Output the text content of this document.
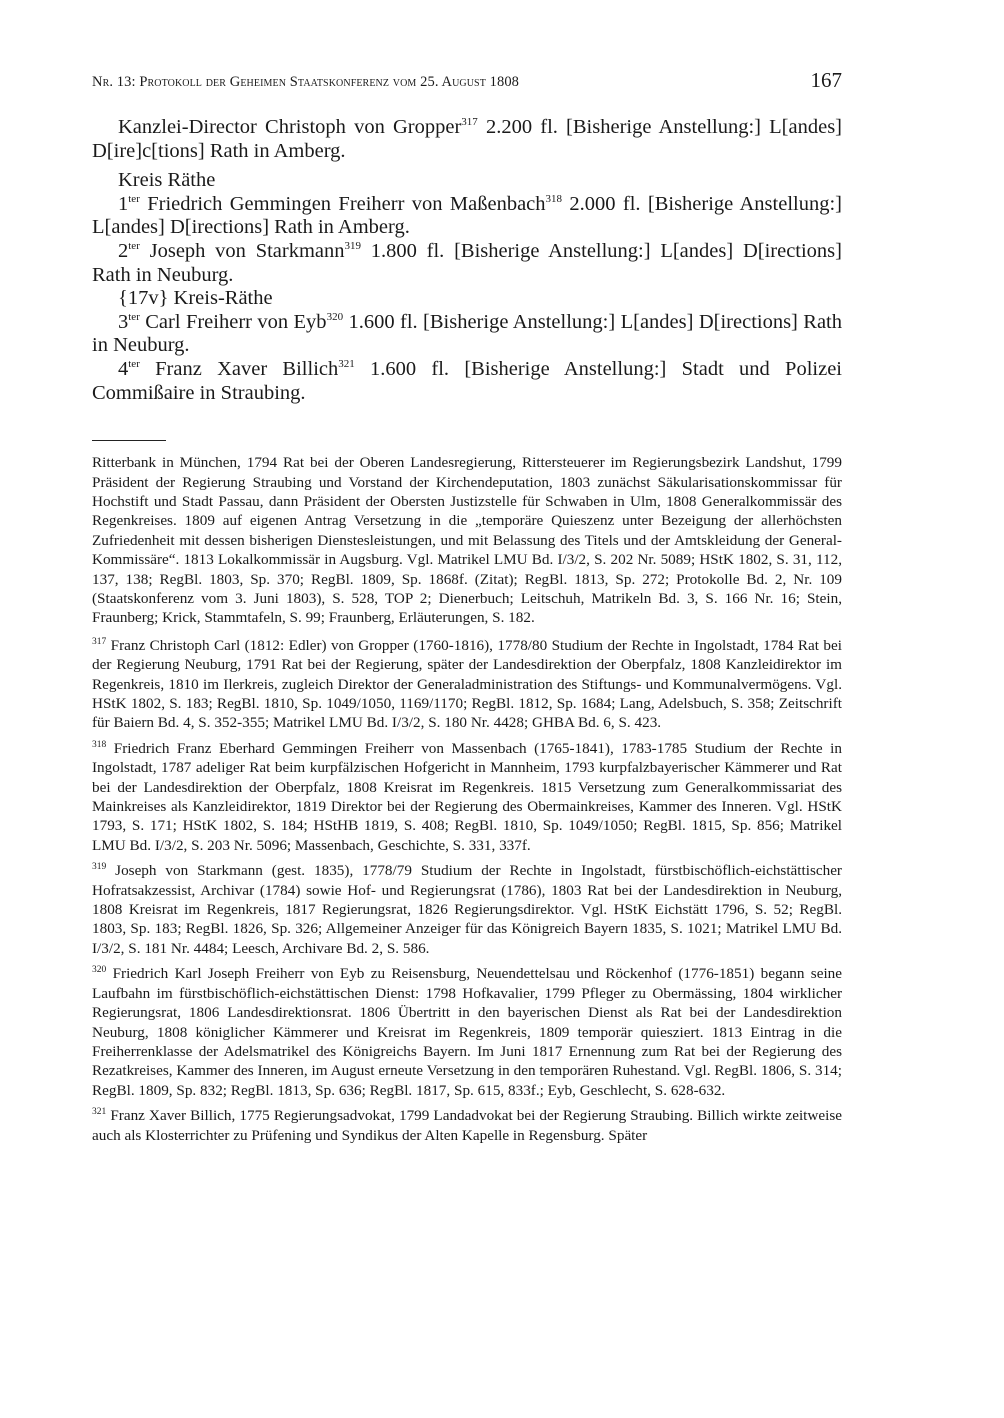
Nr. 13: Protokoll der Geheimen Staatskonferenz vom 25. August 1808	167

Kanzlei-Director Christoph von Gropper$^{317}$ 2.200 fl. [Bisherige Anstellung:] L[andes] D[ire]c[tions] Rath in Amberg.

Kreis Räthe

$1^{ter}$ Friedrich Gemmingen Freiherr von Maßenbach$^{318}$ 2.000 fl. [Bisherige Anstellung:] L[andes] D[irections] Rath in Amberg.

$2^{ter}$ Joseph von Starkmann$^{319}$ 1.800 fl. [Bisherige Anstellung:] L[andes] D[irections] Rath in Neuburg.

{17v} Kreis-Räthe

$3^{ter}$ Carl Freiherr von Eyb$^{320}$ 1.600 fl. [Bisherige Anstellung:] L[andes] D[irections] Rath in Neuburg.

$4^{ter}$ Franz Xaver Billich$^{321}$ 1.600 fl. [Bisherige Anstellung:] Stadt und Polizei Commißaire in Straubing.

Ritterbank in München, 1794 Rat bei der Oberen Landesregierung, Rittersteuerer im Regierungsbezirk Landshut, 1799 Präsident der Regierung Straubing und Vorstand der Kirchendeputation, 1803 zunächst Säkularisationskommissar für Hochstift und Stadt Passau, dann Präsident der Obersten Justizstelle für Schwaben in Ulm, 1808 Generalkommissär des Regenkreises. 1809 auf eigenen Antrag Versetzung in die „temporäre Quieszenz unter Bezeigung der allerhöchsten Zufriedenheit mit dessen bisherigen Dienstesleistungen, und mit Belassung des Titels und der Amtskleidung der General-Kommissäre“. 1813 Lokalkommissär in Augsburg. Vgl. Matrikel LMU Bd. I/3/2, S. 202 Nr. 5089; HStK 1802, S. 31, 112, 137, 138; RegBl. 1803, Sp. 370; RegBl. 1809, Sp. 1868f. (Zitat); RegBl. 1813, Sp. 272; Protokolle Bd. 2, Nr. 109 (Staatskonferenz vom 3. Juni 1803), S. 528, TOP 2; Dienerbuch; Leitschuh, Matrikeln Bd. 3, S. 166 Nr. 16; Stein, Fraunberg; Krick, Stammtafeln, S. 99; Fraunberg, Erläuterungen, S. 182.

$^{317}$ Franz Christoph Carl (1812: Edler) von Gropper (1760-1816), 1778/80 Studium der Rechte in Ingolstadt, 1784 Rat bei der Regierung Neuburg, 1791 Rat bei der Regierung, später der Landesdirektion der Oberpfalz, 1808 Kanzleidirektor im Regenkreis, 1810 im Ilerkreis, zugleich Direktor der Generaladministration des Stiftungs- und Kommunalvermögens. Vgl. HStK 1802, S. 183; RegBl. 1810, Sp. 1049/1050, 1169/1170; RegBl. 1812, Sp. 1684; Lang, Adelsbuch, S. 358; Zeitschrift für Baiern Bd. 4, S. 352-355; Matrikel LMU Bd. I/3/2, S. 180 Nr. 4428; GHBA Bd. 6, S. 423.

$^{318}$ Friedrich Franz Eberhard Gemmingen Freiherr von Massenbach (1765-1841), 1783-1785 Studium der Rechte in Ingolstadt, 1787 adeliger Rat beim kurpfälzischen Hofgericht in Mannheim, 1793 kurpfalzbayerischer Kämmerer und Rat bei der Landesdirektion der Oberpfalz, 1808 Kreisrat im Regenkreis. 1815 Versetzung zum Generalkommissariat des Mainkreises als Kanzleidirektor, 1819 Direktor bei der Regierung des Obermainkreises, Kammer des Inneren. Vgl. HStK 1793, S. 171; HStK 1802, S. 184; HStHB 1819, S. 408; RegBl. 1810, Sp. 1049/1050; RegBl. 1815, Sp. 856; Matrikel LMU Bd. I/3/2, S. 203 Nr. 5096; Massenbach, Geschichte, S. 331, 337f.

$^{319}$ Joseph von Starkmann (gest. 1835), 1778/79 Studium der Rechte in Ingolstadt, fürstbischöflich-eichstättischer Hofratsakzessist, Archivar (1784) sowie Hof- und Regierungsrat (1786), 1803 Rat bei der Landesdirektion in Neuburg, 1808 Kreisrat im Regenkreis, 1817 Regierungsrat, 1826 Regierungsdirektor. Vgl. HStK Eichstätt 1796, S. 52; RegBl. 1803, Sp. 183; RegBl. 1826, Sp. 326; Allgemeiner Anzeiger für das Königreich Bayern 1835, S. 1021; Matrikel LMU Bd. I/3/2, S. 181 Nr. 4484; Leesch, Archivare Bd. 2, S. 586.

$^{320}$ Friedrich Karl Joseph Freiherr von Eyb zu Reisensburg, Neuendettelsau und Röckenhof (1776-1851) begann seine Laufbahn im fürstbischöflich-eichstättischen Dienst: 1798 Hofkavalier, 1799 Pfleger zu Obermässing, 1804 wirklicher Regierungsrat, 1806 Landesdirektionsrat. 1806 Übertritt in den bayerischen Dienst als Rat bei der Landesdirektion Neuburg, 1808 königlicher Kämmerer und Kreisrat im Regenkreis, 1809 temporär quiesziert. 1813 Eintrag in die Freiherrenklasse der Adelsmatrikel des Königreichs Bayern. Im Juni 1817 Ernennung zum Rat bei der Regierung des Rezatkreises, Kammer des Inneren, im August erneute Versetzung in den temporären Ruhestand. Vgl. RegBl. 1806, S. 314; RegBl. 1809, Sp. 832; RegBl. 1813, Sp. 636; RegBl. 1817, Sp. 615, 833f.; Eyb, Geschlecht, S. 628-632.

$^{321}$ Franz Xaver Billich, 1775 Regierungsadvokat, 1799 Landadvokat bei der Regierung Straubing. Billich wirkte zeitweise auch als Klosterrichter zu Prüfening und Syndikus der Alten Kapelle in Regensburg. Später
